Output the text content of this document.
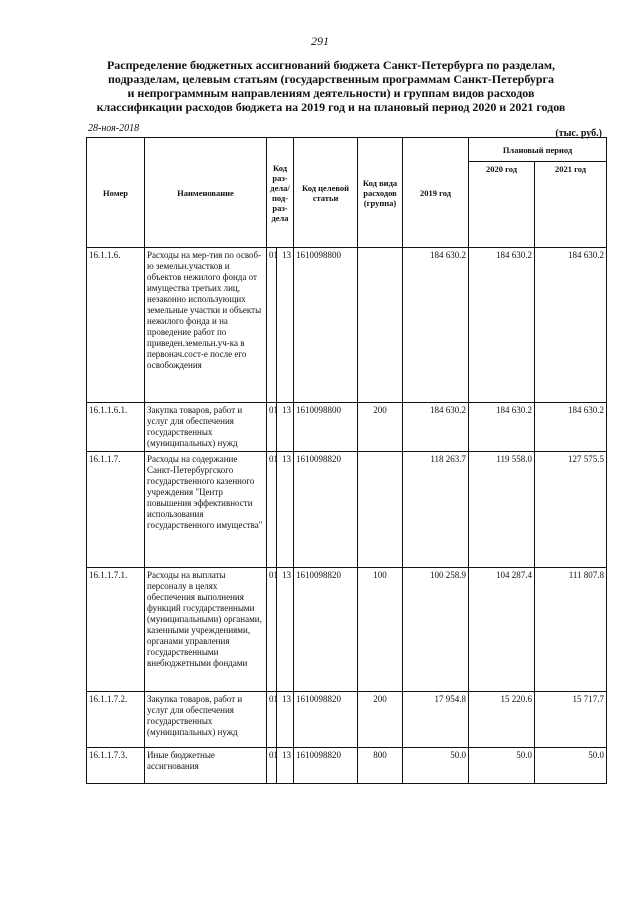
291
Распределение бюджетных ассигнований бюджета Санкт-Петербурга по разделам,
подразделам, целевым статьям (государственным программам Санкт-Петербурга
и непрограммным направлениям деятельности) и группам видов расходов
классификации расходов бюджета на 2019 год и на плановый период 2020 и 2021 годов
28-ноя-2018	(тыс. руб.)
Номер	Наименование	Код раз- дела/ под- раз- дела		Код целевой статьи	Код вида расходов (группа)	2019 год	Плановый период	
							2020 год	2021 год
16.1.1.6.	Расходы на мер-тия по освоб-ю земельн.участков и объектов нежилого фонда от имущества третьих лиц, незаконно использующих земельные участки и объекты нежилого фонда и на проведение работ по приведен.земельн.уч-ка в первонач.сост-е после его освобождения	01	13	1610098800		184 630.2	184 630.2	184 630.2
16.1.1.6.1.	Закупка товаров, работ и услуг для обеспечения государственных (муниципальных) нужд	01	13	1610098800	200	184 630.2	184 630.2	184 630.2
16.1.1.7.	Расходы на содержание Санкт-Петербургского государственного казенного учреждения "Центр повышения эффективности использования государственного имущества"	01	13	1610098820		118 263.7	119 558.0	127 575.5
16.1.1.7.1.	Расходы на выплаты персоналу в целях обеспечения выполнения функций государственными (муниципальными) органами, казенными учреждениями, органами управления государственными внебюджетными фондами	01	13	1610098820	100	100 258.9	104 287.4	111 807.8
16.1.1.7.2.	Закупка товаров, работ и услуг для обеспечения государственных (муниципальных) нужд	01	13	1610098820	200	17 954.8	15 220.6	15 717.7
16.1.1.7.3.	Иные бюджетные ассигнования	01	13	1610098820	800	50.0	50.0	50.0
